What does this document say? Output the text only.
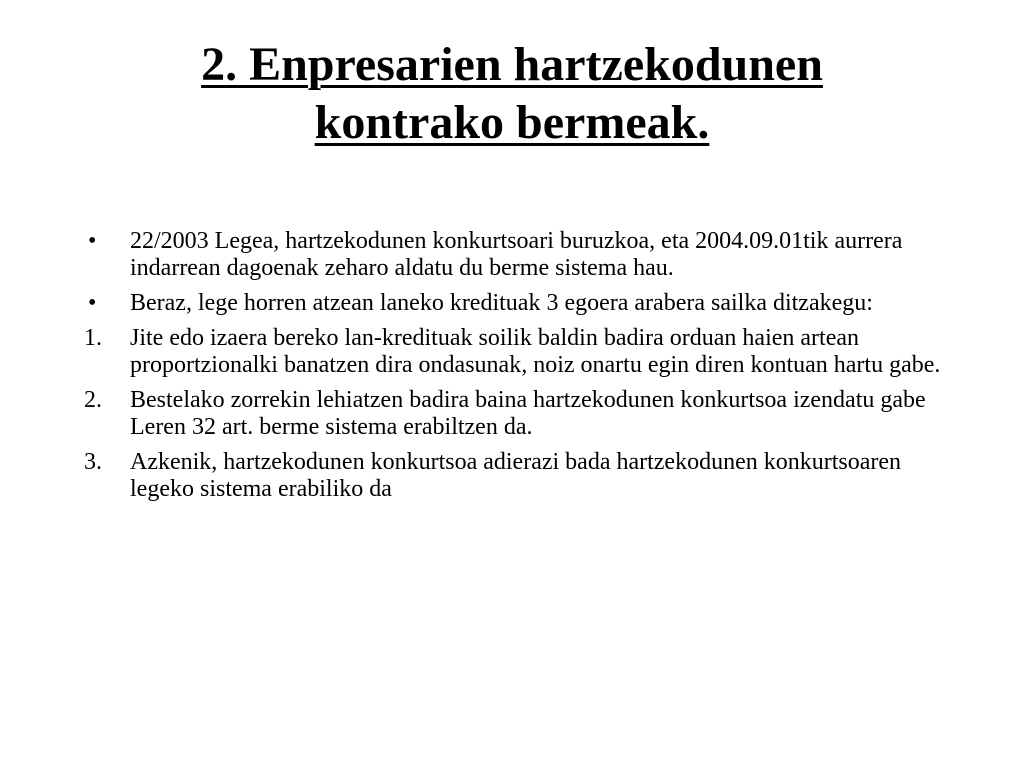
2. Enpresarien hartzekodunen
kontrako bermeak.
•	22/2003 Legea, hartzekodunen konkurtsoari buruzkoa, eta 2004.09.01tik aurrera indarrean dagoenak zeharo aldatu du berme sistema hau.
•	Beraz, lege horren atzean laneko kredituak 3 egoera arabera sailka ditzakegu:
1.	Jite edo izaera bereko lan-kredituak soilik baldin badira orduan haien artean proportzionalki banatzen dira ondasunak, noiz onartu egin diren kontuan hartu gabe.
2.	Bestelako zorrekin lehiatzen badira baina hartzekodunen konkurtsoa izendatu gabe Leren 32 art. berme sistema erabiltzen da.
3.	Azkenik, hartzekodunen konkurtsoa adierazi bada hartzekodunen konkurtsoaren legeko sistema erabiliko da
